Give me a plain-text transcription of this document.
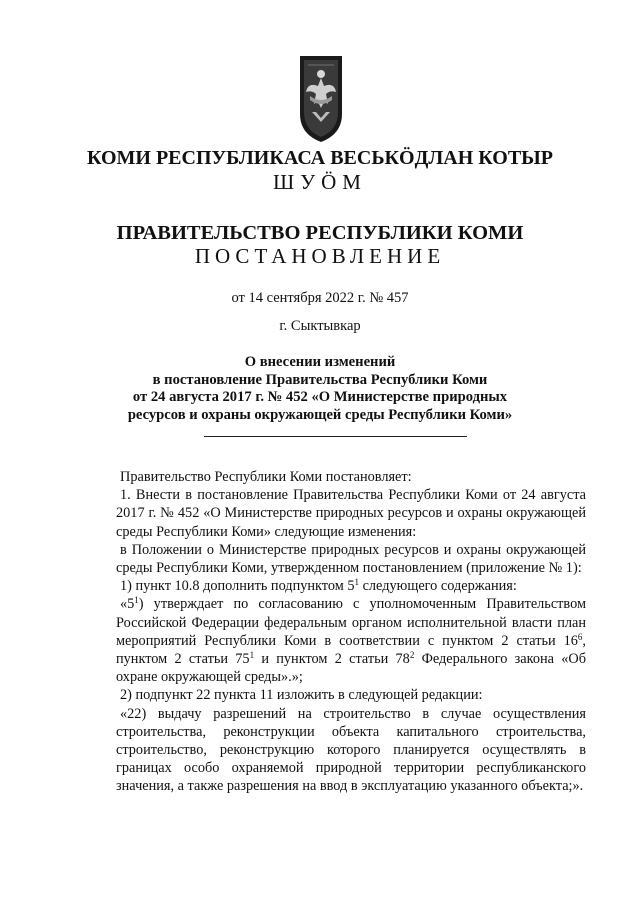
КОМИ РЕСПУБЛИКАСА ВЕСЬКӦДЛАН КОТЫР
ШУӦМ
ПРАВИТЕЛЬСТВО РЕСПУБЛИКИ КОМИ
ПОСТАНОВЛЕНИЕ
от 14 сентября 2022 г. № 457
г. Сыктывкар
О внесении изменений
в постановление Правительства Республики Коми
от 24 августа 2017 г. № 452 «О Министерстве природных
ресурсов и охраны окружающей среды Республики Коми»

Правительство Республики Коми постановляет:

1. Внести в постановление Правительства Республики Коми от 24 августа 2017 г. № 452 «О Министерстве природных ресурсов и охраны окружающей среды Республики Коми» следующие изменения:

в Положении о Министерстве природных ресурсов и охраны окружающей среды Республики Коми, утвержденном постановлением (приложение № 1):

1) пункт 10.8 дополнить подпунктом $5^1$ следующего содержания:

«$5^1$) утверждает по согласованию с уполномоченным Правительством Российской Федерации федеральным органом исполнительной власти план мероприятий Республики Коми в соответствии с пунктом 2 статьи $16^6$, пунктом 2 статьи $75^1$ и пунктом 2 статьи $78^2$ Федерального закона «Об охране окружающей среды».»;

2) подпункт 22 пункта 11 изложить в следующей редакции:

«22) выдачу разрешений на строительство в случае осуществления строительства, реконструкции объекта капитального строительства, строительство, реконструкцию которого планируется осуществлять в границах особо охраняемой природной территории республиканского значения, а также разрешения на ввод в эксплуатацию указанного объекта;».
